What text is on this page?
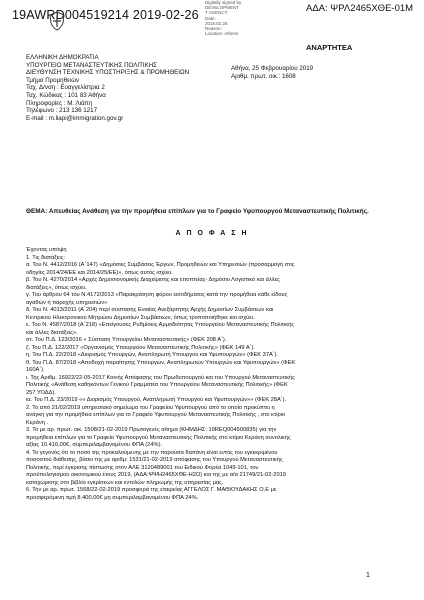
19AWRD004519214 2019-02-26	ΑΔΑ: ΨΡΛ2465ΧΘΕ-01Μ
Digitally signed by
DEVELOPMENT
T AGENCY
Date:
2019.02.26
Reason:
Location: Athens
ΑΝΑΡΤΗΤΕΑ
ΕΛΛΗΝΙΚΗ ΔΗΜΟΚΡΑΤΙΑ
ΥΠΟΥΡΓΕΙΟ ΜΕΤΑΝΑΣΤΕΥΤΙΚΗΣ ΠΟΛΙΤΙΚΗΣ
ΔΙΕΥΘΥΝΣΗ ΤΕΧΝΙΚΗΣ ΥΠΟΣΤΗΡΙΞΗΣ & ΠΡΟΜΗΘΕΙΩΝ
Τμήμα Προμηθειών
Ταχ. Δ/νση : Ευαγγελίστρια 2
Ταχ. Κώδικας : 101 83 Αθήνα
Πληροφορίες : Μ. Λιάπη
Τηλέφωνο : 213 136 1217
E-mail : m.liapi@immigration.gov.gr
Αθήνα, 25 Φεβρουαρίου 2019
Αριθμ. πρωτ. οικ.: 1608
ΘΕΜΑ: Απευθείας Ανάθεση για την προμήθεια επίπλων για το Γραφείο Υφυπουργού Μεταναστευτικής Πολιτικής.
Α Π Ο Φ Α Σ Η
Έχοντας υπόψη
1. Τις διατάξεις:
α. Του Ν. 4412/2016 (Α΄147) «Δημόσιες Συμβάσεις Έργων, Προμηθειών και Υπηρεσιών (προσαρμογή στις
οδηγίες 2014/24/ΕΕ και 2014/25/ΕΕ)», όπως αυτός ισχύει.
β. Του Ν. 4270/2014 «Αρχές Δημοσιονομικής Διαχείρισης και εποπτείας- Δημόσιο Λογιστικό και άλλες
διατάξεις», όπως ισχύει.
γ. Του άρθρου 64 του Ν.4172/2013 «Παρακράτηση φόρου εισοδήματος κατά την προμήθεια κάθε είδους
αγαθών ή παροχής υπηρεσιών»
δ. Του Ν. 4013/2011 (Α΄204) περί σύστασης Ενιαίας Ανεξάρτητης Αρχής Δημοσίων Συμβάσεων και
Κεντρικού Ηλεκτρονικού Μητρώου Δημοσίων Συμβάσεων, όπως τροποποιήθηκε και ισχύει.
ε. Του Ν. 4587/2018 (Α΄218) «Επείγουσες Ρυθμίσεις Αρμοδιότητας Υπουργείου Μεταναστευτικής Πολιτικής
και άλλες διατάξεις».
στ. Του Π.Δ. 123/2016 « Σύσταση Υπουργείου Μεταναστευτικής» (ΦΕΚ 208 Α΄).
ζ. Του Π.Δ. 122/2017 «Οργανισμός Υπουργείου Μεταναστευτικής Πολιτικής» (ΦΕΚ 149 Α΄).
η. Του Π.Δ. 22/2018 «Διορισμός Υπουργών, Αναπληρωτή Υπουργού και Υφυπουργών» (ΦΕΚ 37Α΄).
θ. Του Π.Δ. 87/2018 «Αποδοχή παραίτησης Υπουργών, Αναπληρωτών Υπουργών και Υφυπουργών» (ΦΕΚ
160Α΄).
ι. Της Αριθμ. 16922/22-05-2017 Κοινής Απόφασης του Πρωθυπουργού και του Υπουργού Μεταναστευτικής
Πολιτικής «Ανάθεση καθηκόντων Γενικού Γραμματέα του Υπουργείου Μεταναστευτικής Πολιτικής» (ΦΕΚ
257 ΥΟΔΔ).
ια. Του Π.Δ. 23/2019 «« Διορισμός Υπουργού, Αναπληρωτή Υπουργού και Υφυπουργών»» (ΦΕΚ 28Α΄).
2. Το από 21/02/2019 υπηρεσιακό σημείωμα του Γραφείου Υφυπουργού από το οποίο προκύπτει η
ανάγκη για την προμήθεια επίπλων για το Γραφείο Υφυπουργού Μεταναστευτικής Πολιτικής , στο κτίριο
Κεράνη .
3. Το με αρ. πρωτ. οικ. 1508/21-02-2019 Πρωτογενές αίτημα (ΚΗΜΔΗΣ: 19REQ004500835) για την
προμήθεια επίπλων για το Γραφείο Υφυπουργού Μεταναστευτικής Πολιτικής στο κτίριο Κεράνη συνολικής
αξίας 10.416,00€, συμπεριλαμβανομένου ΦΠΑ (24%).
4. Το γεγονός ότι το ποσό της προκαλούμενης με την παρούσα δαπάνη είναι εντός του εγκεκριμένου
ποσοστού διάθεσης, βάσει της με αριθμ: 1531/21-02-2019 απόφασης του Υπουργού Μεταναστευτικής
Πολιτικής, περί έγκρισης πίστωσης στον ΑΛΕ 3120489001 του Ειδικού Φορέα 1049-101, του
προϋπολογισμού οικονομικού έτους 2019, (ΑΔΑ:ΨΨΗ2465ΧΘΕ-Η2Ω) και της με α/α 21749/21-02-2019
καταχώρισης στο βιβλίο εγκρίσεων και εντολών πληρωμής της υπηρεσίας μας.
6. Την με αρ. πρωτ. 1568/22-02-2019 προσφορά της εταιρείας ΑΓΓΕΛΟΣ Γ. ΜΑΘΙΟΥΔΑΚΗΣ Ο.Ε με
προσφερόμενη τιμή 8.400,00€ μη συμπεριλαμβανομένου ΦΠΑ 24%.
1
